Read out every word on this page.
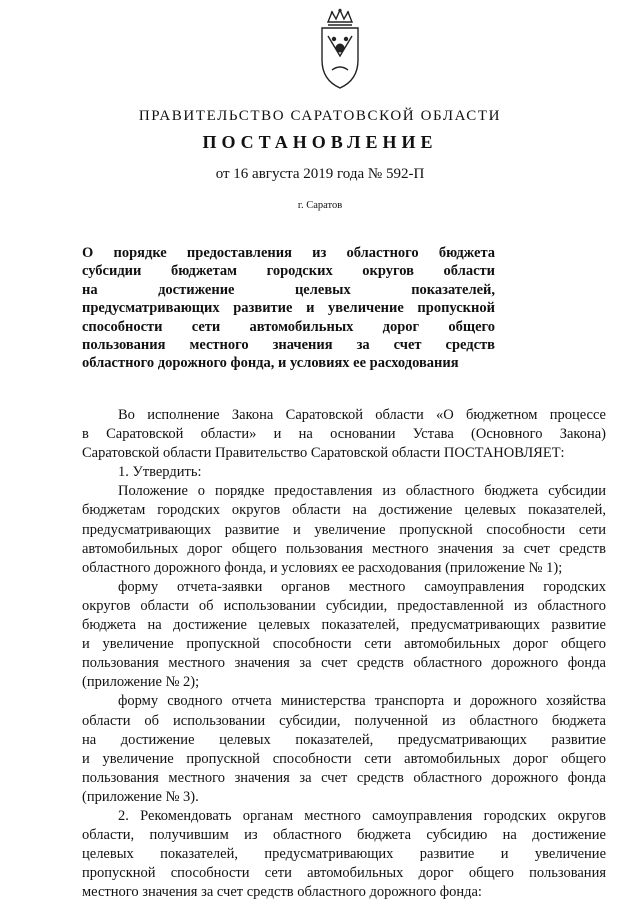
ПРАВИТЕЛЬСТВО САРАТОВСКОЙ ОБЛАСТИ
ПОСТАНОВЛЕНИЕ
от 16 августа 2019 года № 592-П
г. Саратов
О порядке предоставления из областного бюджета
субсидии бюджетам городских округов области
на достижение целевых показателей,
предусматривающих развитие и увеличение пропускной
способности сети автомобильных дорог общего
пользования местного значения за счет средств
областного дорожного фонда, и условиях ее расходования
Во исполнение Закона Саратовской области «О бюджетном процессе
в Саратовской области» и на основании Устава (Основного Закона)
Саратовской области Правительство Саратовской области ПОСТАНОВЛЯЕТ:
1. Утвердить:
Положение о порядке предоставления из областного бюджета субсидии
бюджетам городских округов области на достижение целевых показателей,
предусматривающих развитие и увеличение пропускной способности сети
автомобильных дорог общего пользования местного значения за счет средств
областного дорожного фонда, и условиях ее расходования (приложение № 1);
форму отчета-заявки органов местного самоуправления городских
округов области об использовании субсидии, предоставленной из областного
бюджета на достижение целевых показателей, предусматривающих развитие
и увеличение пропускной способности сети автомобильных дорог общего
пользования местного значения за счет средств областного дорожного фонда
(приложение № 2);
форму сводного отчета министерства транспорта и дорожного хозяйства
области об использовании субсидии, полученной из областного бюджета
на достижение целевых показателей, предусматривающих развитие
и увеличение пропускной способности сети автомобильных дорог общего
пользования местного значения за счет средств областного дорожного фонда
(приложение № 3).
2. Рекомендовать органам местного самоуправления городских округов
области, получившим из областного бюджета субсидию на достижение
целевых показателей, предусматривающих развитие и увеличение
пропускной способности сети автомобильных дорог общего пользования
местного значения за счет средств областного дорожного фонда:
